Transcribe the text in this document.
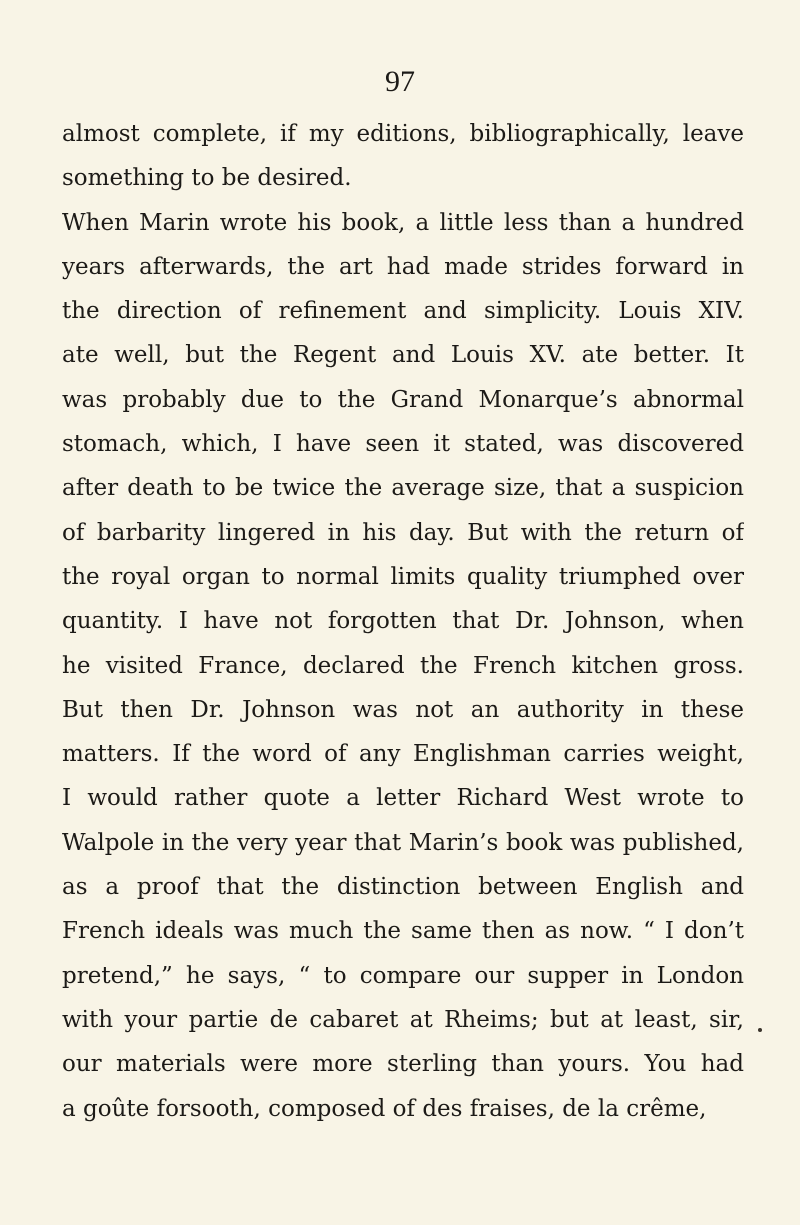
97
almost complete, if my editions, bibliographically, leave
something to be desired.
When Marin wrote his book, a little less than a hundred
years afterwards, the art had made strides forward in
the direction of refinement and simplicity. Louis XIV.
ate well, but the Regent and Louis XV. ate better. It
was probably due to the Grand Monarque’s abnormal
stomach, which, I have seen it stated, was discovered
after death to be twice the average size, that a suspicion
of barbarity lingered in his day. But with the return of
the royal organ to normal limits quality triumphed over
quantity. I have not forgotten that Dr. Johnson, when
he visited France, declared the French kitchen gross.
But then Dr. Johnson was not an authority in these
matters. If the word of any Englishman carries weight,
I would rather quote a letter Richard West wrote to
Walpole in the very year that Marin’s book was published,
as a proof that the distinction between English and
French ideals was much the same then as now. “ I don’t
pretend,” he says, “ to compare our supper in London
with your partie de cabaret at Rheims; but at least, sir,
our materials were more sterling than yours. You had
a goûte forsooth, composed of des fraises, de la crême,
